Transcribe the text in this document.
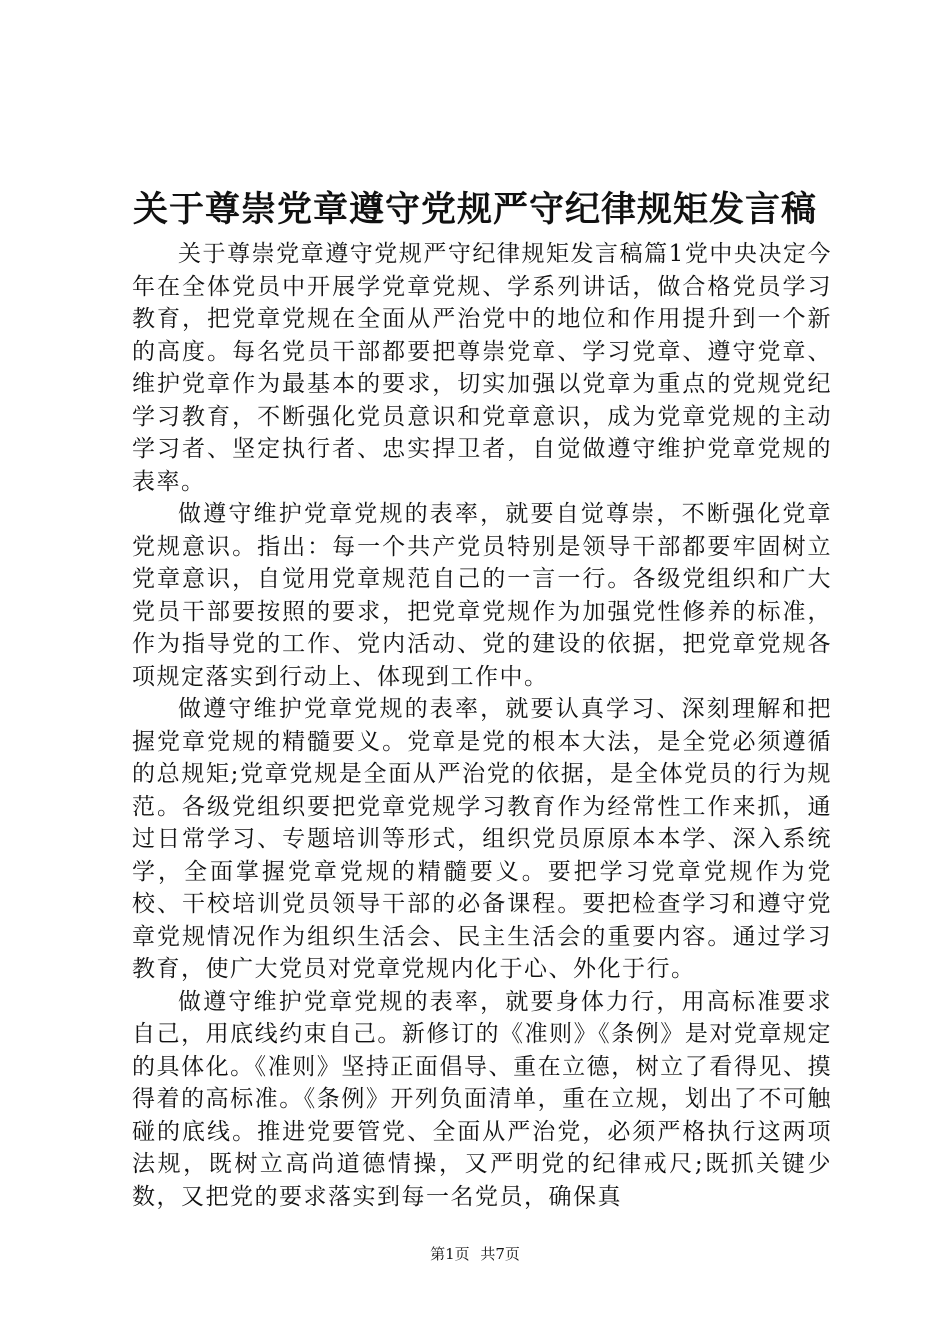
关于尊崇党章遵守党规严守纪律规矩发言稿

关于尊崇党章遵守党规严守纪律规矩发言稿篇1党中央决定今年在全体党员中开展学党章党规、学系列讲话，做合格党员学习教育，把党章党规在全面从严治党中的地位和作用提升到一个新的高度。每名党员干部都要把尊崇党章、学习党章、遵守党章、维护党章作为最基本的要求，切实加强以党章为重点的党规党纪学习教育，不断强化党员意识和党章意识，成为党章党规的主动学习者、坚定执行者、忠实捍卫者，自觉做遵守维护党章党规的表率。

做遵守维护党章党规的表率，就要自觉尊崇，不断强化党章党规意识。指出：每一个共产党员特别是领导干部都要牢固树立党章意识，自觉用党章规范自己的一言一行。各级党组织和广大党员干部要按照的要求，把党章党规作为加强党性修养的标准，作为指导党的工作、党内活动、党的建设的依据，把党章党规各项规定落实到行动上、体现到工作中。

做遵守维护党章党规的表率，就要认真学习、深刻理解和把握党章党规的精髓要义。党章是党的根本大法，是全党必须遵循的总规矩;党章党规是全面从严治党的依据，是全体党员的行为规范。各级党组织要把党章党规学习教育作为经常性工作来抓，通过日常学习、专题培训等形式，组织党员原原本本学、深入系统学，全面掌握党章党规的精髓要义。要把学习党章党规作为党校、干校培训党员领导干部的必备课程。要把检查学习和遵守党章党规情况作为组织生活会、民主生活会的重要内容。通过学习教育，使广大党员对党章党规内化于心、外化于行。

做遵守维护党章党规的表率，就要身体力行，用高标准要求自己，用底线约束自己。新修订的《准则》《条例》是对党章规定的具体化。《准则》坚持正面倡导、重在立德，树立了看得见、摸得着的高标准。《条例》开列负面清单，重在立规，划出了不可触碰的底线。推进党要管党、全面从严治党，必须严格执行这两项法规，既树立高尚道德情操，又严明党的纪律戒尺;既抓关键少数，又把党的要求落实到每一名党员，确保真

第1页 共7页
